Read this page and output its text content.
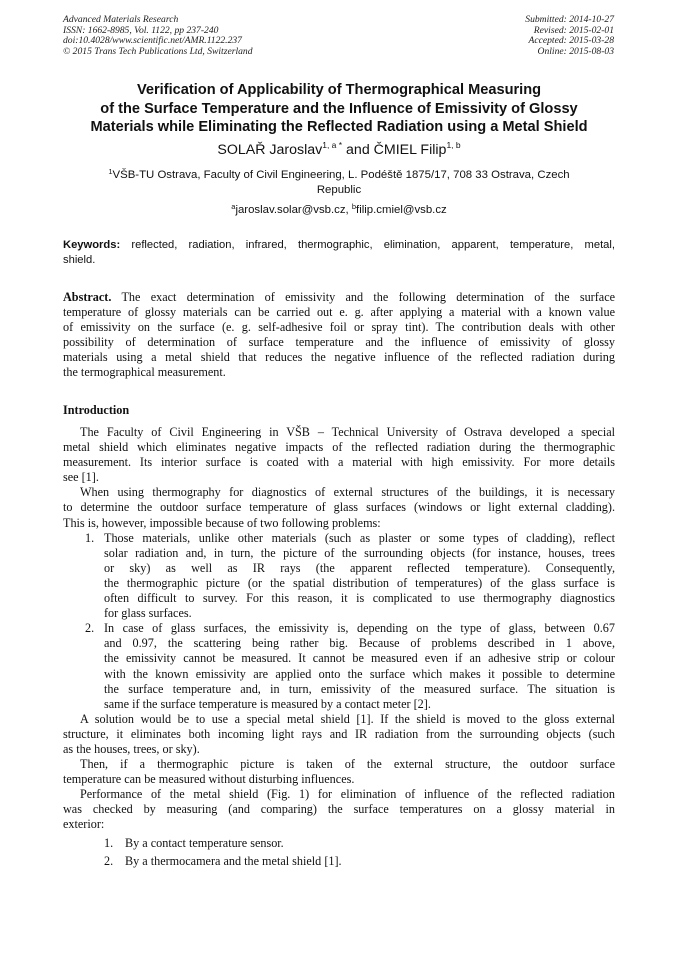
Advanced Materials Research
ISSN: 1662-8985, Vol. 1122, pp 237-240
doi:10.4028/www.scientific.net/AMR.1122.237
© 2015 Trans Tech Publications Ltd, Switzerland
Submitted: 2014-10-27
Revised: 2015-02-01
Accepted: 2015-03-28
Online: 2015-08-03
Verification of Applicability of Thermographical Measuring
of the Surface Temperature and the Influence of Emissivity of Glossy
Materials while Eliminating the Reflected Radiation using a Metal Shield
SOLAŘ Jaroslav$^{1, a *}$ and ČMIEL Filip$^{1, b}$
$^1$VŠB-TU Ostrava, Faculty of Civil Engineering, L. Podéště 1875/17, 708 33 Ostrava, Czech
Republic
$^a$jaroslav.solar@vsb.cz, $^b$filip.cmiel@vsb.cz
Keywords: reflected, radiation, infrared, thermographic, elimination, apparent, temperature, metal,
shield.
Abstract. The exact determination of emissivity and the following determination of the surface
temperature of glossy materials can be carried out e. g. after applying a material with a known value
of emissivity on the surface (e. g. self-adhesive foil or spray tint). The contribution deals with other
possibility of determination of surface temperature and the influence of emissivity of glossy
materials using a metal shield that reduces the negative influence of the reflected radiation during
the termographical measurement.
Introduction
The Faculty of Civil Engineering in VŠB – Technical University of Ostrava developed a special
metal shield which eliminates negative impacts of the reflected radiation during the thermographic
measurement. Its interior surface is coated with a material with high emissivity. For more details
see [1].
When using thermography for diagnostics of external structures of the buildings, it is necessary
to determine the outdoor surface temperature of glass surfaces (windows or light external cladding).
This is, however, impossible because of two following problems:
1. Those materials, unlike other materials (such as plaster or some types of cladding), reflect
solar radiation and, in turn, the picture of the surrounding objects (for instance, houses, trees
or sky) as well as IR rays (the apparent reflected temperature). Consequently,
the thermographic picture (or the spatial distribution of temperatures) of the glass surface is
often difficult to survey. For this reason, it is complicated to use thermography diagnostics
for glass surfaces.
2. In case of glass surfaces, the emissivity is, depending on the type of glass, between 0.67
and 0.97, the scattering being rather big. Because of problems described in 1 above,
the emissivity cannot be measured. It cannot be measured even if an adhesive strip or colour
with the known emissivity are applied onto the surface which makes it possible to determine
the surface temperature and, in turn, emissivity of the measured surface. The situation is
same if the surface temperature is measured by a contact meter [2].
A solution would be to use a special metal shield [1]. If the shield is moved to the gloss external
structure, it eliminates both incoming light rays and IR radiation from the surrounding objects (such
as the houses, trees, or sky).
Then, if a thermographic picture is taken of the external structure, the outdoor surface
temperature can be measured without disturbing influences.
Performance of the metal shield (Fig. 1) for elimination of influence of the reflected radiation
was checked by measuring (and comparing) the surface temperatures on a glossy material in
exterior:
1. By a contact temperature sensor.
2. By a thermocamera and the metal shield [1].
